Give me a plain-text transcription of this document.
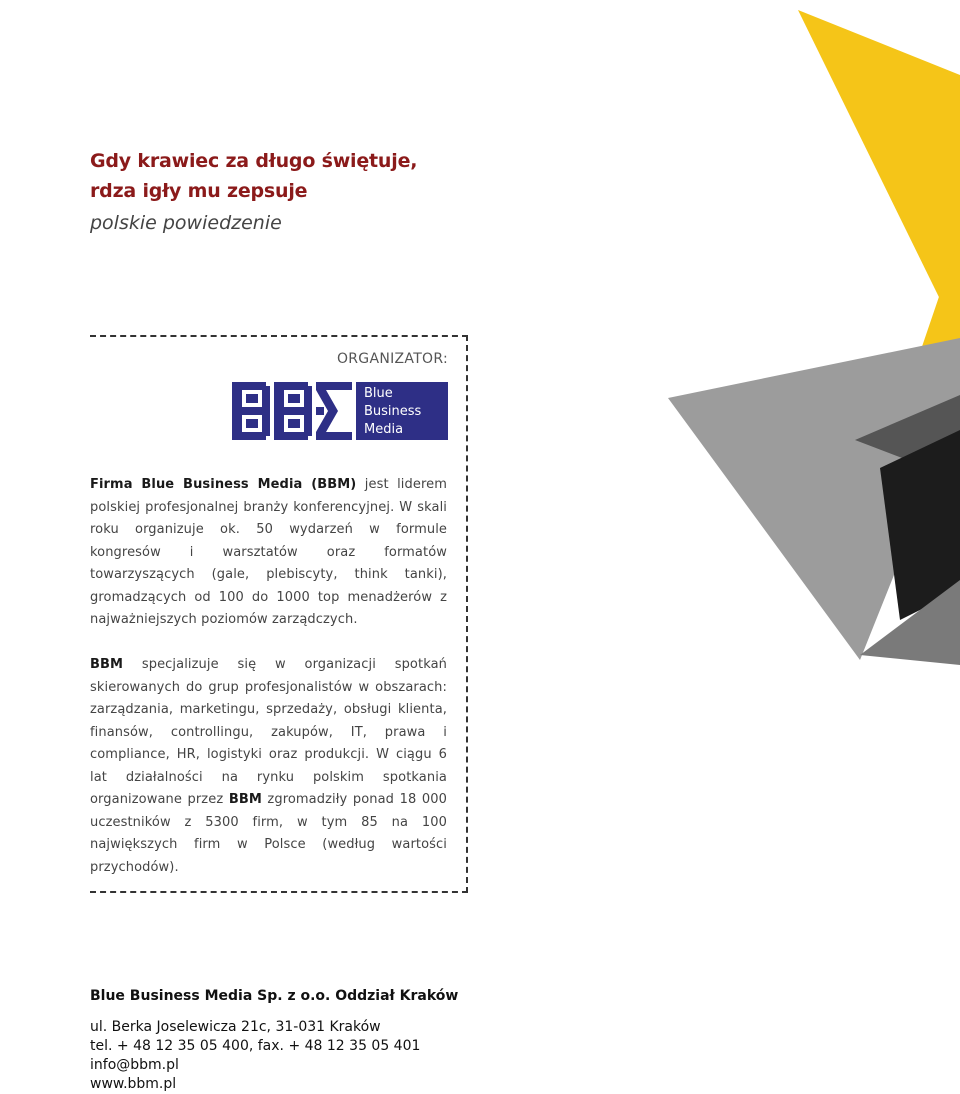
Gdy krawiec za długo świętuje,
rdza igły mu zepsuje
polskie powiedzenie
ORGANIZATOR:
Blue
Business
Media
Firma Blue Business Media (BBM) jest liderem polskiej profesjonalnej branży konferencyjnej. W skali roku organizuje ok. 50 wydarzeń w formule kongresów i warsztatów oraz formatów towarzyszących (gale, plebiscyty, think tanki), gromadzących od 100 do 1000 top menadżerów z najważniejszych poziomów zarządczych.
BBM specjalizuje się w organizacji spotkań skierowanych do grup profesjonalistów w obszarach: zarządzania, marketingu, sprzedaży, obsługi klienta, finansów, controllingu, zakupów, IT, prawa i compliance, HR, logistyki oraz produkcji. W ciągu 6 lat działalności na rynku polskim spotkania organizowane przez BBM zgromadziły ponad 18 000 uczestników z 5300 firm, w tym 85 na 100 największych firm w Polsce (według wartości przychodów).
Blue Business Media Sp. z o.o. Oddział Kraków
ul. Berka Joselewicza 21c, 31-031 Kraków
tel. + 48 12 35 05 400, fax. + 48 12 35 05 401
info@bbm.pl
www.bbm.pl
